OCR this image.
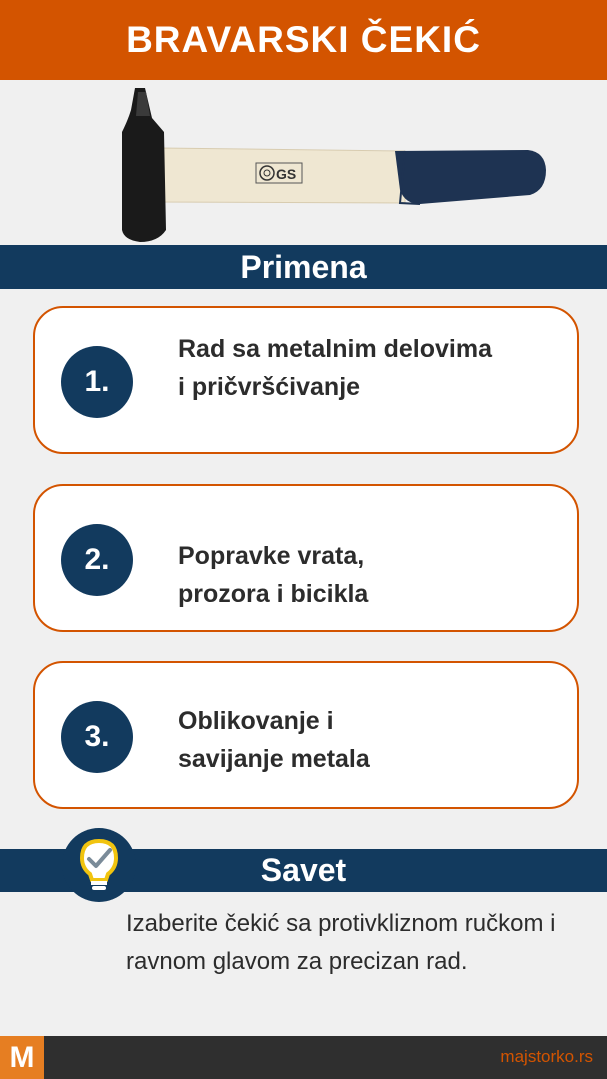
BRAVARSKI ČEKIĆ
GS
Primena
1.
Rad sa metalnim delovima i pričvršćivanje
2.	Popravke vrata, prozora i bicikla
3.	Oblikovanje i savijanje metala
Savet
Izaberite čekić sa protivkliznom ručkom i ravnom glavom za precizan rad.
M	majstorko.rs
